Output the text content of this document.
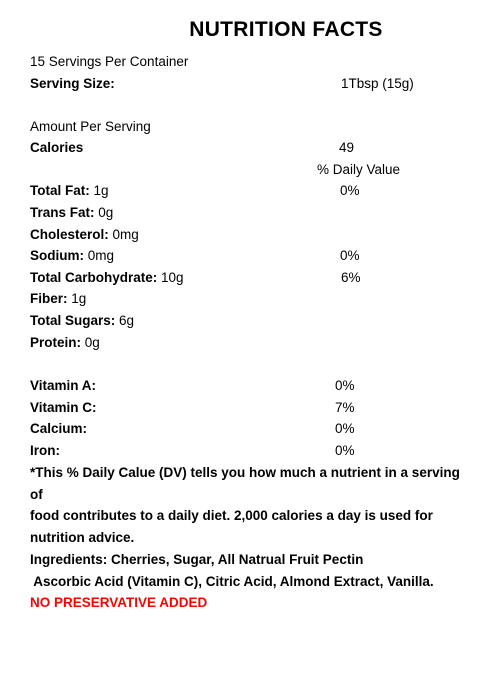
NUTRITION FACTS
15 Servings Per Container
Serving Size:	1Tbsp (15g)
Amount Per Serving
Calories	49
% Daily Value
Total Fat: 1g	0%
Trans Fat: 0g
Cholesterol: 0mg
Sodium: 0mg	0%
Total Carbohydrate: 10g	6%
Fiber: 1g
Total Sugars: 6g
Protein: 0g
Vitamin A:	0%
Vitamin C:	7%
Calcium:	0%
Iron:	0%
*This % Daily Calue (DV) tells you how much a nutrient in a serving of
food contributes to a daily diet. 2,000 calories a day is used for
nutrition advice.
Ingredients: Cherries, Sugar, All Natrual Fruit Pectin
Ascorbic Acid (Vitamin C), Citric Acid, Almond Extract, Vanilla.
NO PRESERVATIVE ADDED
